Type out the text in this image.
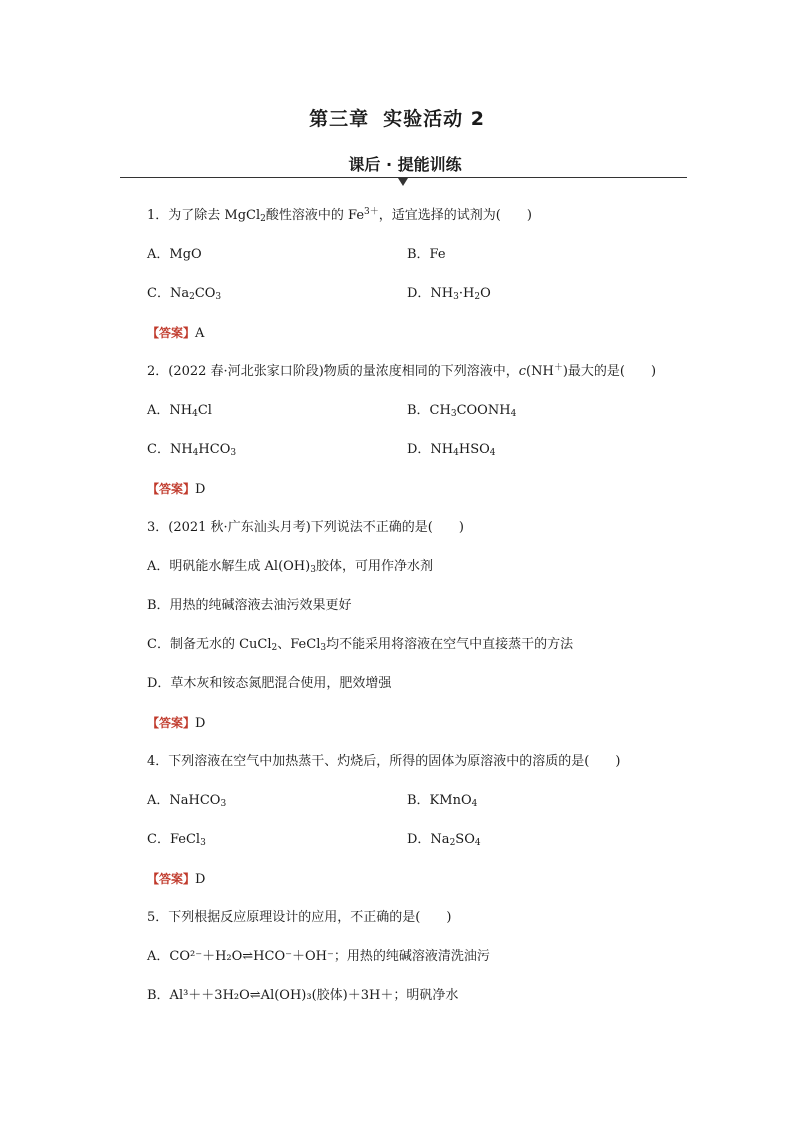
第三章 实验活动 2
课后 · 提能训练
1．为了除去 MgCl$_2$酸性溶液中的 $Fe^{3+}$，适宜选择的试剂为(　　)
A．MgO	B．Fe
C．$Na_2CO_3$	D．$NH_3\cdot H_2O$
【答案】A
2．(2022 春·河北张家口阶段)物质的量浓度相同的下列溶液中，c(NH＋)最大的是(　　)
A．$NH_4Cl$	B．$CH_3COONH_4$
C．$NH_4HCO_3$	D．$NH_4HSO_4$
【答案】D
3．(2021 秋·广东汕头月考)下列说法不正确的是(　　)
A．明矾能水解生成 $Al(OH)_3$胶体，可用作净水剂
B．用热的纯碱溶液去油污效果更好
C．制备无水的 CuCl$_2$、FeCl$_3$均不能采用将溶液在空气中直接蒸干的方法
D．草木灰和铵态氮肥混合使用，肥效增强
【答案】D
4．下列溶液在空气中加热蒸干、灼烧后，所得的固体为原溶液中的溶质的是(　　)
A．NaHCO$_3$	B．KMnO$_4$
C．FeCl$_3$	D．$Na_2SO_4$
【答案】D
5．下列根据反应原理设计的应用，不正确的是(　　)
A．CO²⁻＋H₂O⇌HCO⁻＋OH⁻；用热的纯碱溶液清洗油污
B．Al³＋＋3H₂O⇌Al(OH)₃(胶体)＋3H＋；明矾净水
